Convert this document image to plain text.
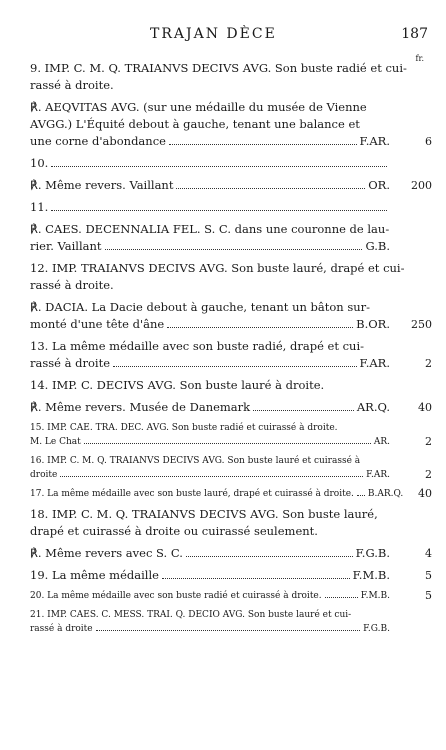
TRAJAN DÈCE	187
fr.
9. IMP. C. M. Q. TRAIANVS DECIVS AVG. Son buste radié et cui-
rassé à droite.
℟. AEQVITAS AVG. (sur une médaille du musée de Vienne
AVGG.) L'Équité debout à gauche, tenant une balance et
une corne d'abondance	F.AR.	6
10.
℟. Même revers. Vaillant	OR.	200
11.
℟. CAES. DECENNALIA FEL. S. C. dans une couronne de lau-
rier. Vaillant	G.B.
12. IMP. TRAIANVS DECIVS AVG. Son buste lauré, drapé et cui-
rassé à droite.
℟. DACIA. La Dacie debout à gauche, tenant un bâton sur-
monté d'une tête d'âne	B.OR.	250
13. La même médaille avec son buste radié, drapé et cui-
rassé à droite	F.AR.	2
14. IMP. C. DECIVS AVG. Son buste lauré à droite.
℟. Même revers. Musée de Danemark	AR.Q.	40
15. IMP. CAE. TRA. DEC. AVG. Son buste radié et cuirassé à droite.
M. Le Chat	AR.	2
16. IMP. C. M. Q. TRAIANVS DECIVS AVG. Son buste lauré et cuirassé à
droite	F.AR.	2
17. La même médaille avec son buste lauré, drapé et cuirassé à droite. B.AR.Q.	40
18. IMP. C. M. Q. TRAIANVS DECIVS AVG. Son buste lauré,
drapé et cuirassé à droite ou cuirassé seulement.
℟. Même revers avec S. C.	F.G.B.	4
19. La même médaille	F.M.B.	5
20. La même médaille avec son buste radié et cuirassé à droite.	F.M.B.	5
21. IMP. CAES. C. MESS. TRAI. Q. DECIO AVG. Son buste lauré et cui-
rassé à droite	F.G.B.
